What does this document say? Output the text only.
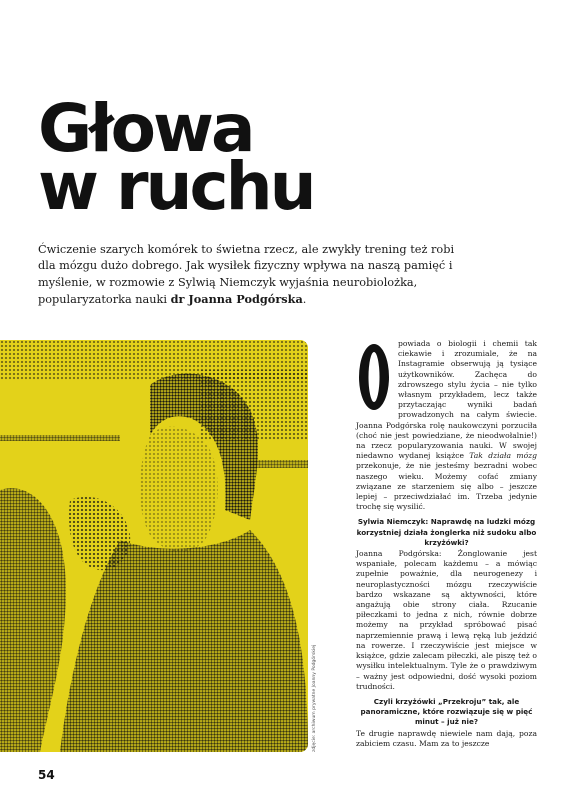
Głowa
w ruchu

Ćwiczenie szarych komórek to świetna rzecz, ale zwykły trening też robi dla mózgu dużo dobrego. Jak wysiłek fizyczny wpływa na naszą pamięć i myślenie, w rozmowie z Sylwią Niemczyk wyjaśnia neurobiolożka, popularyzatorka nauki dr Joanna Podgórska.

zdjęcie: archiwum prywatne Joanny Podgórskiej

powiada o biologii i chemii tak ciekawie i zrozumiale, że na Instagramie obserwują ją tysiące użytkowników. Zachęca do zdrowszego stylu życia – nie tylko własnym przykładem, lecz także przytaczając wyniki badań prowadzonych na całym świecie. Joanna Podgórska rolę naukowczyni porzuciła (choć nie jest powiedziane, że nieodwołalnie!) na rzecz popularyzowania nauki. W swojej niedawno wydanej książce Tak działa mózg przekonuje, że nie jesteśmy bezradni wobec naszego wieku. Możemy cofać zmiany związane ze starzeniem się albo – jeszcze lepiej – przeciwdziałać im. Trzeba jedynie trochę się wysilić.

Sylwia Niemczyk: Naprawdę na ludzki mózg korzystniej działa żonglerka niż sudoku albo krzyżówki?

Joanna Podgórska: Żonglowanie jest wspaniałe, polecam każdemu – a mówiąc zupełnie poważnie, dla neurogenezy i neuroplastyczności mózgu rzeczywiście bardzo wskazane są aktywności, które angażują obie strony ciała. Rzucanie piłeczkami to jedna z nich, równie dobrze możemy na przykład spróbować pisać naprzemiennie prawą i lewą ręką lub jeździć na rowerze. I rzeczywiście jest miejsce w książce, gdzie zalecam piłeczki, ale piszę też o wysiłku intelektualnym. Tyle że o prawdziwym – ważny jest odpowiedni, dość wysoki poziom trudności.

Czyli krzyżówki „Przekroju” tak, ale panoramiczne, które rozwiązuje się w pięć minut – już nie?

Te drugie naprawdę niewiele nam dają, poza zabiciem czasu. Mam za to jeszcze

54
